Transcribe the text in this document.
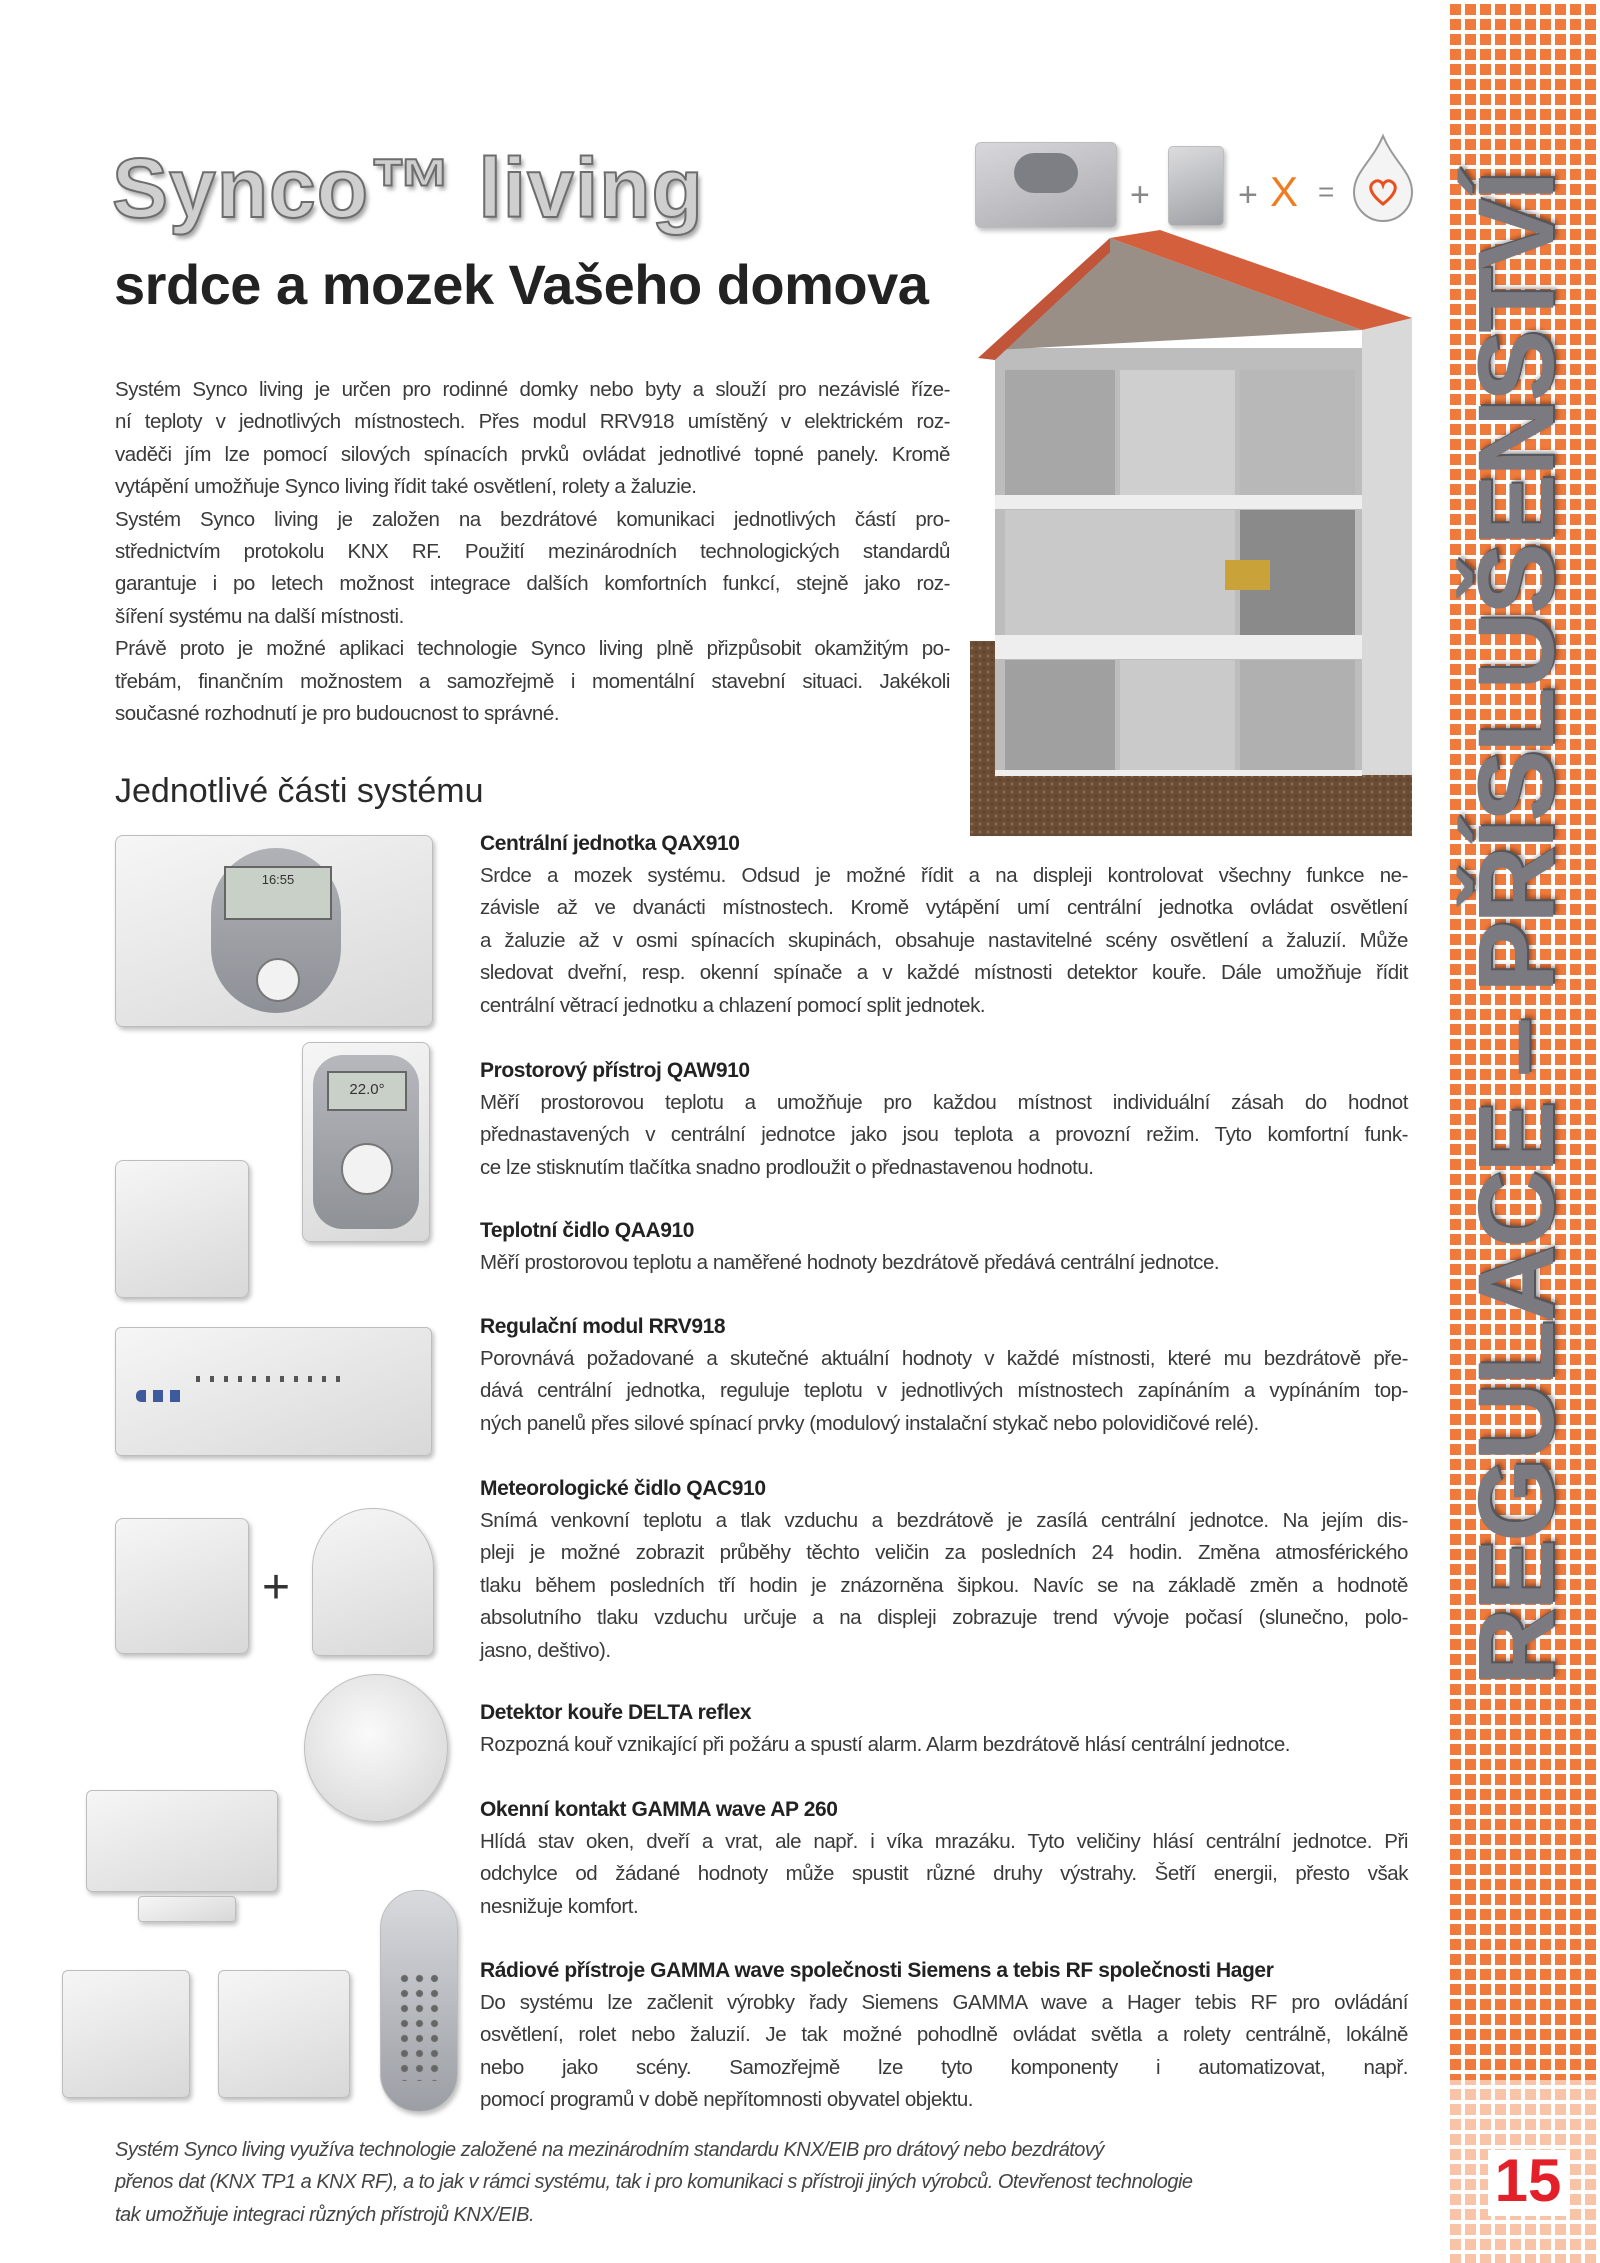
REGULACE – PŘÍSLUŠENSTVÍ
15
Synco™ living
srdce a mozek Vašeho domova
+	+ X =
Systém Synco living je určen pro rodinné domky nebo byty a slouží pro nezávislé říze-
ní teploty v jednotlivých místnostech. Přes modul RRV918 umístěný v elektrickém roz-
vaděči jím lze pomocí silových spínacích prvků ovládat jednotlivé topné panely. Kromě
vytápění umožňuje Synco living řídit také osvětlení, rolety a žaluzie.
Systém Synco living je založen na bezdrátové komunikaci jednotlivých částí pro-
střednictvím protokolu KNX RF. Použití mezinárodních technologických standardů
garantuje i po letech možnost integrace dalších komfortních funkcí, stejně jako roz-
šíření systému na další místnosti.
Právě proto je možné aplikaci technologie Synco living plně přizpůsobit okamžitým po-
třebám, finančním možnostem a samozřejmě i momentální stavební situaci. Jakékoli
současné rozhodnutí je pro budoucnost to správné.
Jednotlivé části systému
16:55
22.0°
+
Centrální jednotka QAX910
Srdce a mozek systému. Odsud je možné řídit a na displeji kontrolovat všechny funkce ne-
závisle až ve dvanácti místnostech. Kromě vytápění umí centrální jednotka ovládat osvětlení
a žaluzie až v osmi spínacích skupinách, obsahuje nastavitelné scény osvětlení a žaluzií. Může
sledovat dveřní, resp. okenní spínače a v každé místnosti detektor kouře. Dále umožňuje řídit
centrální větrací jednotku a chlazení pomocí split jednotek.
Prostorový přístroj QAW910
Měří prostorovou teplotu a umožňuje pro každou místnost individuální zásah do hodnot
přednastavených v centrální jednotce jako jsou teplota a provozní režim. Tyto komfortní funk-
ce lze stisknutím tlačítka snadno prodloužit o přednastavenou hodnotu.
Teplotní čidlo QAA910
Měří prostorovou teplotu a naměřené hodnoty bezdrátově předává centrální jednotce.
Regulační modul RRV918
Porovnává požadované a skutečné aktuální hodnoty v každé místnosti, které mu bezdrátově pře-
dává centrální jednotka, reguluje teplotu v jednotlivých místnostech zapínáním a vypínáním top-
ných panelů přes silové spínací prvky (modulový instalační stykač nebo polovidičové relé).
Meteorologické čidlo QAC910
Snímá venkovní teplotu a tlak vzduchu a bezdrátově je zasílá centrální jednotce. Na jejím dis-
pleji je možné zobrazit průběhy těchto veličin za posledních 24 hodin. Změna atmosférického
tlaku během posledních tří hodin je znázorněna šipkou. Navíc se na základě změn a hodnotě
absolutního tlaku vzduchu určuje a na displeji zobrazuje trend vývoje počasí (slunečno, polo-
jasno, deštivo).
Detektor kouře DELTA reflex
Rozpozná kouř vznikající při požáru a spustí alarm. Alarm bezdrátově hlásí centrální jednotce.
Okenní kontakt GAMMA wave AP 260
Hlídá stav oken, dveří a vrat, ale např. i víka mrazáku. Tyto veličiny hlásí centrální jednotce. Při
odchylce od žádané hodnoty může spustit různé druhy výstrahy. Šetří energii, přesto však
nesnižuje komfort.
Rádiové přístroje GAMMA wave společnosti Siemens a tebis RF společnosti Hager
Do systému lze začlenit výrobky řady Siemens GAMMA wave a Hager tebis RF pro ovládání
osvětlení, rolet nebo žaluzií. Je tak možné pohodlně ovládat světla a rolety centrálně, lokálně
nebo jako scény. Samozřejmě lze tyto komponenty i automatizovat, např.
pomocí programů v době nepřítomnosti obyvatel objektu.
Systém Synco living využíva technologie založené na mezinárodním standardu KNX/EIB pro drátový nebo bezdrátový
přenos dat (KNX TP1 a KNX RF), a to jak v rámci systému, tak i pro komunikaci s přístroji jiných výrobců. Otevřenost technologie
tak umožňuje integraci různých přístrojů KNX/EIB.
